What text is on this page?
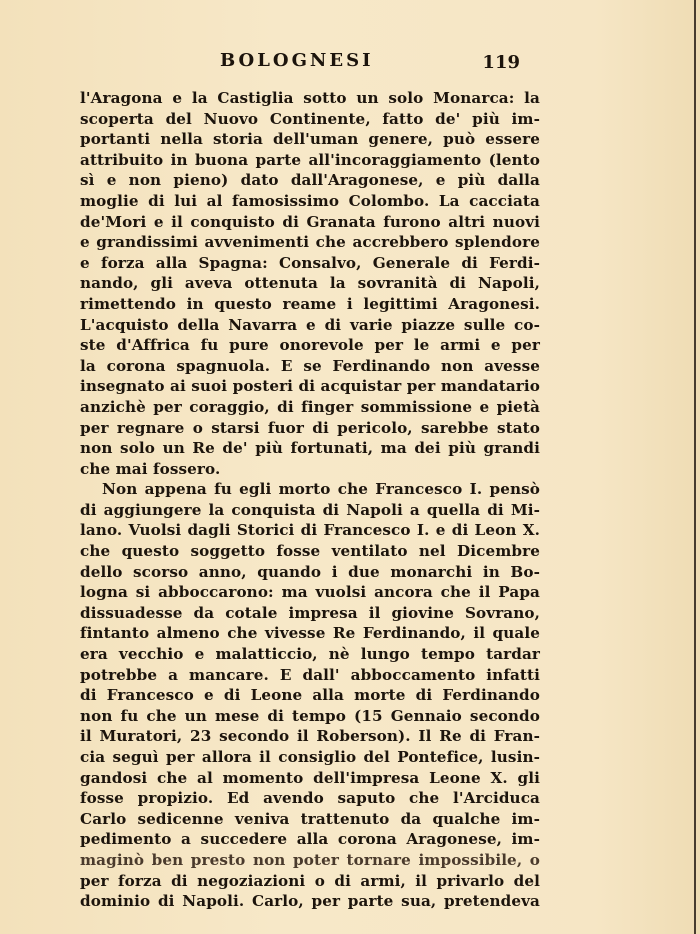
BOLOGNESI	119
l'Aragona e la Castiglia sotto un solo Monarca: la
scoperta del Nuovo Continente, fatto de' più im-
portanti nella storia dell'uman genere, può essere
attribuito in buona parte all'incoraggiamento (lento
sì e non pieno) dato dall'Aragonese, e più dalla
moglie di lui al famosissimo Colombo. La cacciata
de'Mori e il conquisto di Granata furono altri nuovi
e grandissimi avvenimenti che accrebbero splendore
e forza alla Spagna: Consalvo, Generale di Ferdi-
nando, gli aveva ottenuta la sovranità di Napoli,
rimettendo in questo reame i legittimi Aragonesi.
L'acquisto della Navarra e di varie piazze sulle co-
ste d'Affrica fu pure onorevole per le armi e per
la corona spagnuola. E se Ferdinando non avesse
insegnato ai suoi posteri di acquistar per mandatario
anzichè per coraggio, di finger sommissione e pietà
per regnare o starsi fuor di pericolo, sarebbe stato
non solo un Re de' più fortunati, ma dei più grandi
che mai fossero.
Non appena fu egli morto che Francesco I. pensò
di aggiungere la conquista di Napoli a quella di Mi-
lano. Vuolsi dagli Storici di Francesco I. e di Leon X.
che questo soggetto fosse ventilato nel Dicembre
dello scorso anno, quando i due monarchi in Bo-
logna si abboccarono: ma vuolsi ancora che il Papa
dissuadesse da cotale impresa il giovine Sovrano,
fintanto almeno che vivesse Re Ferdinando, il quale
era vecchio e malatticcio, nè lungo tempo tardar
potrebbe a mancare. E dall' abboccamento infatti
di Francesco e di Leone alla morte di Ferdinando
non fu che un mese di tempo (15 Gennaio secondo
il Muratori, 23 secondo il Roberson). Il Re di Fran-
cia seguì per allora il consiglio del Pontefice, lusin-
gandosi che al momento dell'impresa Leone X. gli
fosse propizio. Ed avendo saputo che l'Arciduca
Carlo sedicenne veniva trattenuto da qualche im-
pedimento a succedere alla corona Aragonese, im-
maginò ben presto non poter tornare impossibile, o
per forza di negoziazioni o di armi, il privarlo del
dominio di Napoli. Carlo, per parte sua, pretendeva
